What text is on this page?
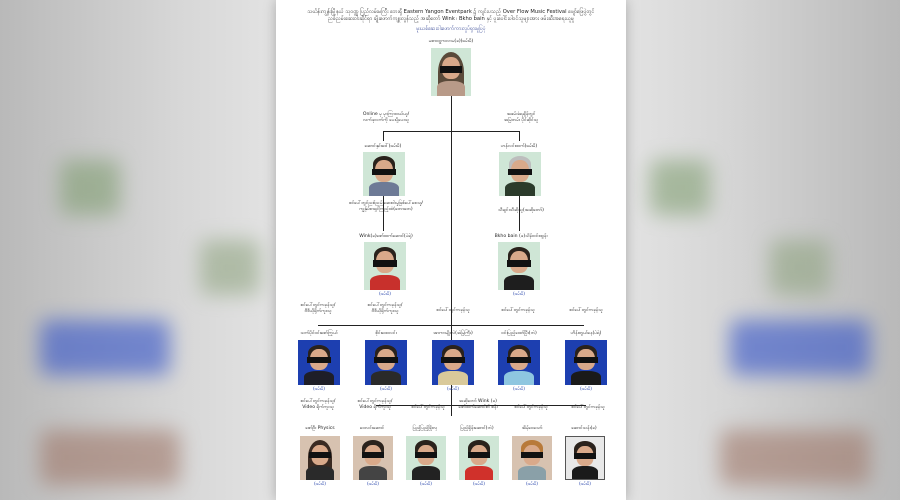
သင်္ဃန်းကျွန်းမြို့နယ် သုဝဏ္ဏ ပြည်လမ်းမကြီး ဘေးရှိ Eastern Yangon Eventpark ၌ ကျင်းပသည့် Over Flow Music Festival ဖျော်ဖြေပွဲတွင်
ညစ်ညမ်းဆေးဝါးဆိုင်ရာ ချိုးဖောက်ကျူးလွန်သည့် အဆိုတော် Wink ၊ Bkho bain နှင့် ပူးပေါင်းပါဝင်သူများအား ဖမ်းဆီးအရေးယူမှု
မူးယစ်ဆေးဝါးဖောက်ကားလှုပ်ရှားမှုပြပုံ
မဇာဝဋ္ဋကလာမ(ခ)(ဖမ်းမိ)
Online မှ မှာကြားဝယ်ယူ/
လက်ခုလက်ကို ပေးပို့ပေးသူ
အဖမ်းခံရချိန်တွင်
အမြဲတမ်း ပိုင်ဆိုင်သူ
ဆောင်နှင်းဒေါ်(ဖမ်းမိ)	ဟန်လင်းထက်(ဖမ်းမိ)
စင်ပေါ်တွင်ညစ်ညမ်းဆေးဝါးမှုဖြစ်ပေါ်စေသူ/
ကျွန်ုပ်စာရှင်ကြည့်ထံ(တောတေ)	သီချင်းသီဆိုသူ(အဆိုတော်)
Wink(ခ)ဇော်ထက်ဆောင်(ပဲရဲ)	Bkho bain (ခ)သိန်းဝင်းထွန်း
(ဖမ်းမိ)	(ဖမ်းမိ)
စင်ပေါ်တွင်ကခုန်သူ/
ဗီဒီယိုရိုက်ကူးသူ
စင်ပေါ်တွင်ကခုန်သူ/
ဗီဒီယိုရိုက်ကူးသူ	စင်ပေါ်တွင်ကခုန်သူ	စင်ပေါ်တွင်ကခုန်သူ	စင်ပေါ်တွင်ကခုန်သူ
သက်ပိုင်ဝင်းဇော်ကြွယ်	စိုင်းထေလင်း	အာကာမျိုးလဲ(အဲမြကြီး)	ဝင်းပြည့်ထော်ပြီး(ဘဲ)	ဟိန်းတွယ်နေ(ပဲရဲ)
(ဖမ်းမိ)	(ဖမ်းမိ)	(ဖမ်းမိ)	(ဖမ်းမိ)	(ဖမ်းမိ)
စင်ပေါ်တွင်ကခုန်သူ/
Video ရိုက်ကူးသူ
စင်ပေါ်တွင်ကခုန်သူ/
Video ရိုက်ကူးသူ	စင်ပေါ်တွင်ကခုန်သူ
အဆိုတော် Wink (ခ)
ဇော်ထက်ဆောင်၏ ဇနီး	စင်ပေါ်တွင်ကခုန်သူ	စင်ပေါ်တွင်ကခုန်သူ
ဇော်ဦး Physics	ဝေလင်းဆောင်	ပြည့်ပြည့်ဖြိုးလှ	ပြည့်ရှိန်းဆောင်(ဘဲ)	အိမ့်ဝေသော်	ဆောင်သန်း(ခ)
(ဖမ်းမိ)	(ဖမ်းမိ)	(ဖမ်းမိ)	(ဖမ်းမိ)	(ဖမ်းမိ)	(ဖမ်းမိ)
